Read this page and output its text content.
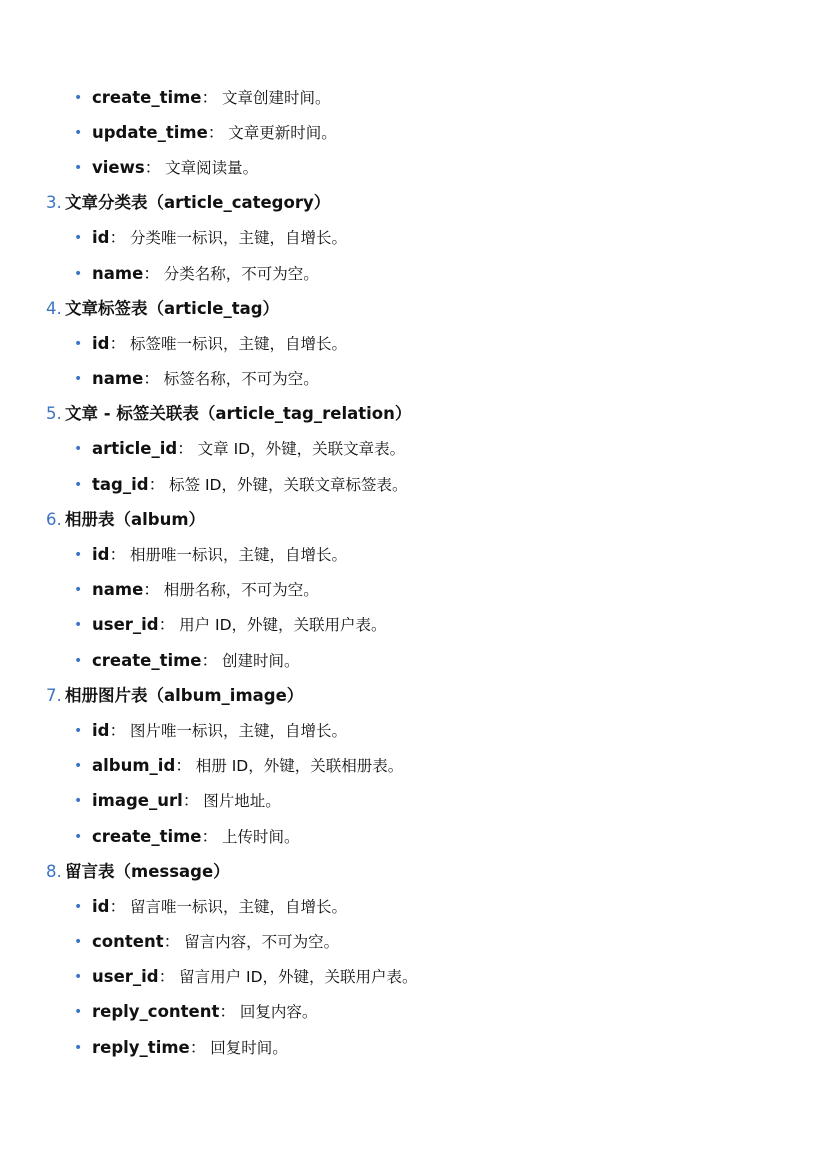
• create_time ： 文章创建时间。
• update_time ： 文章更新时间。
• views ： 文章阅读量。
3. 文章分类表（article_category）
• id ： 分类唯一标识，主键，自增长。
• name ： 分类名称，不可为空。
4. 文章标签表（article_tag）
• id ： 标签唯一标识，主键，自增长。
• name ： 标签名称，不可为空。
5. 文章 - 标签关联表（article_tag_relation）
• article_id ： 文章 ID，外键，关联文章表。
• tag_id ： 标签 ID，外键，关联文章标签表。
6. 相册表（album）
• id ： 相册唯一标识，主键，自增长。
• name ： 相册名称，不可为空。
• user_id ： 用户 ID，外键，关联用户表。
• create_time ： 创建时间。
7. 相册图片表（album_image）
• id ： 图片唯一标识，主键，自增长。
• album_id ： 相册 ID，外键，关联相册表。
• image_url ： 图片地址。
• create_time ： 上传时间。
8. 留言表（message）
• id ： 留言唯一标识，主键，自增长。
• content ： 留言内容，不可为空。
• user_id ： 留言用户 ID，外键，关联用户表。
• reply_content ： 回复内容。
• reply_time ： 回复时间。
